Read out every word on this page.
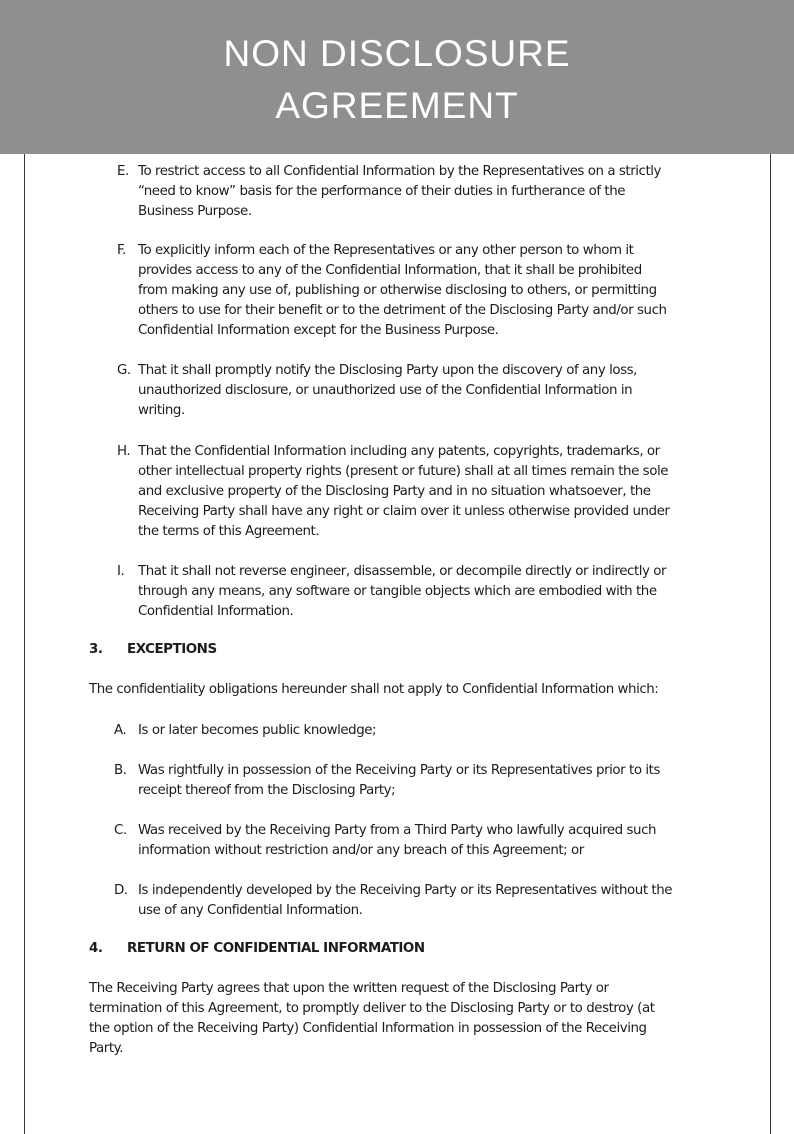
NON DISCLOSURE
AGREEMENT
E. To restrict access to all Confidential Information by the Representatives on a strictly
“need to know” basis for the performance of their duties in furtherance of the
Business Purpose.
F. To explicitly inform each of the Representatives or any other person to whom it
provides access to any of the Confidential Information, that it shall be prohibited
from making any use of, publishing or otherwise disclosing to others, or permitting
others to use for their benefit or to the detriment of the Disclosing Party and/or such
Confidential Information except for the Business Purpose.
G. That it shall promptly notify the Disclosing Party upon the discovery of any loss,
unauthorized disclosure, or unauthorized use of the Confidential Information in
writing.
H. That the Confidential Information including any patents, copyrights, trademarks, or
other intellectual property rights (present or future) shall at all times remain the sole
and exclusive property of the Disclosing Party and in no situation whatsoever, the
Receiving Party shall have any right or claim over it unless otherwise provided under
the terms of this Agreement.
I. That it shall not reverse engineer, disassemble, or decompile directly or indirectly or
through any means, any software or tangible objects which are embodied with the
Confidential Information.
3. EXCEPTIONS
The confidentiality obligations hereunder shall not apply to Confidential Information which:
A. Is or later becomes public knowledge;
B. Was rightfully in possession of the Receiving Party or its Representatives prior to its
receipt thereof from the Disclosing Party;
C. Was received by the Receiving Party from a Third Party who lawfully acquired such
information without restriction and/or any breach of this Agreement; or
D. Is independently developed by the Receiving Party or its Representatives without the
use of any Confidential Information.
4. RETURN OF CONFIDENTIAL INFORMATION
The Receiving Party agrees that upon the written request of the Disclosing Party or
termination of this Agreement, to promptly deliver to the Disclosing Party or to destroy (at
the option of the Receiving Party) Confidential Information in possession of the Receiving
Party.
